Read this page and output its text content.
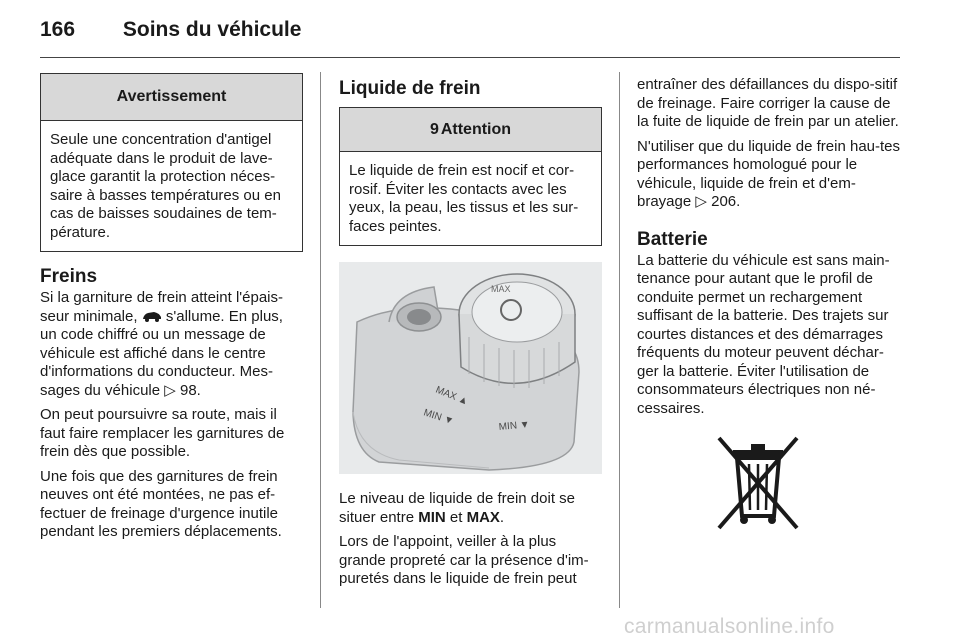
166 Soins du véhicule
Avertissement
Seule une concentration d'antigel adéquate dans le produit de lave-glace garantit la protection néces-saire à basses températures ou en cas de baisses soudaines de tem-pérature.
Freins

Si la garniture de frein atteint l'épais-seur minimale, s'allume. En plus, un code chiffré ou un message de véhicule est affiché dans le centre d'informations du conducteur. Mes-sages du véhicule ▷ 98.

On peut poursuivre sa route, mais il faut faire remplacer les garnitures de frein dès que possible.

Une fois que des garnitures de frein neuves ont été montées, ne pas ef-fectuer de freinage d'urgence inutile pendant les premiers déplacements.

Liquide de frein
9 Attention
Le liquide de frein est nocif et cor-rosif. Éviter les contacts avec les yeux, la peau, les tissus et les sur-faces peintes.
MAX
MAX ▲
MIN ▼	MIN ▼

Le niveau de liquide de frein doit se situer entre MIN et MAX.

Lors de l'appoint, veiller à la plus grande propreté car la présence d'im-puretés dans le liquide de frein peut

entraîner des défaillances du dispo-sitif de freinage. Faire corriger la cause de la fuite de liquide de frein par un atelier.

N'utiliser que du liquide de frein hau-tes performances homologué pour le véhicule, liquide de frein et d'em-brayage ▷ 206.

Batterie

La batterie du véhicule est sans main-tenance pour autant que le profil de conduite permet un rechargement suffisant de la batterie. Des trajets sur courtes distances et des démarrages fréquents du moteur peuvent déchar-ger la batterie. Éviter l'utilisation de consommateurs électriques non né-cessaires.

carmanualsonline.info
